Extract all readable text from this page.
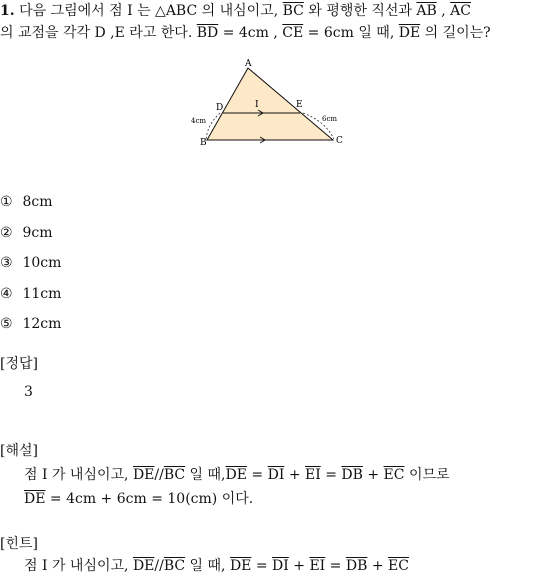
1. 다음 그림에서 점 I 는 △ABC 의 내심이고, $\overline{BC}$ 와 평행한 직선과 $\overline{AB}$ , $\overline{AC}$
의 교점을 각각 D ,E 라고 한다. $\overline{BD} = 4cm$ , $\overline{CE} = 6cm$ 일 때, $\overline{DE}$ 의 길이는?
A
D	I	E
4cm	6cm
B	C
① 8cm
② 9cm
③ 10cm
④ 11cm
⑤ 12cm
[정답]
3
[해설]
점 I 가 내심이고, $\overline{DE}//\overline{BC}$ 일 때$,\overline{DE} = \overline{DI} + \overline{EI} = \overline{DB} + \overline{EC}$ 이므로
$\overline{DE} = 4cm + 6cm = 10(cm)$ 이다.
[힌트]
점 I 가 내심이고, $\overline{DE}//\overline{BC}$ 일 때, $\overline{DE} = \overline{DI} + \overline{EI} = \overline{DB} + \overline{EC}$
